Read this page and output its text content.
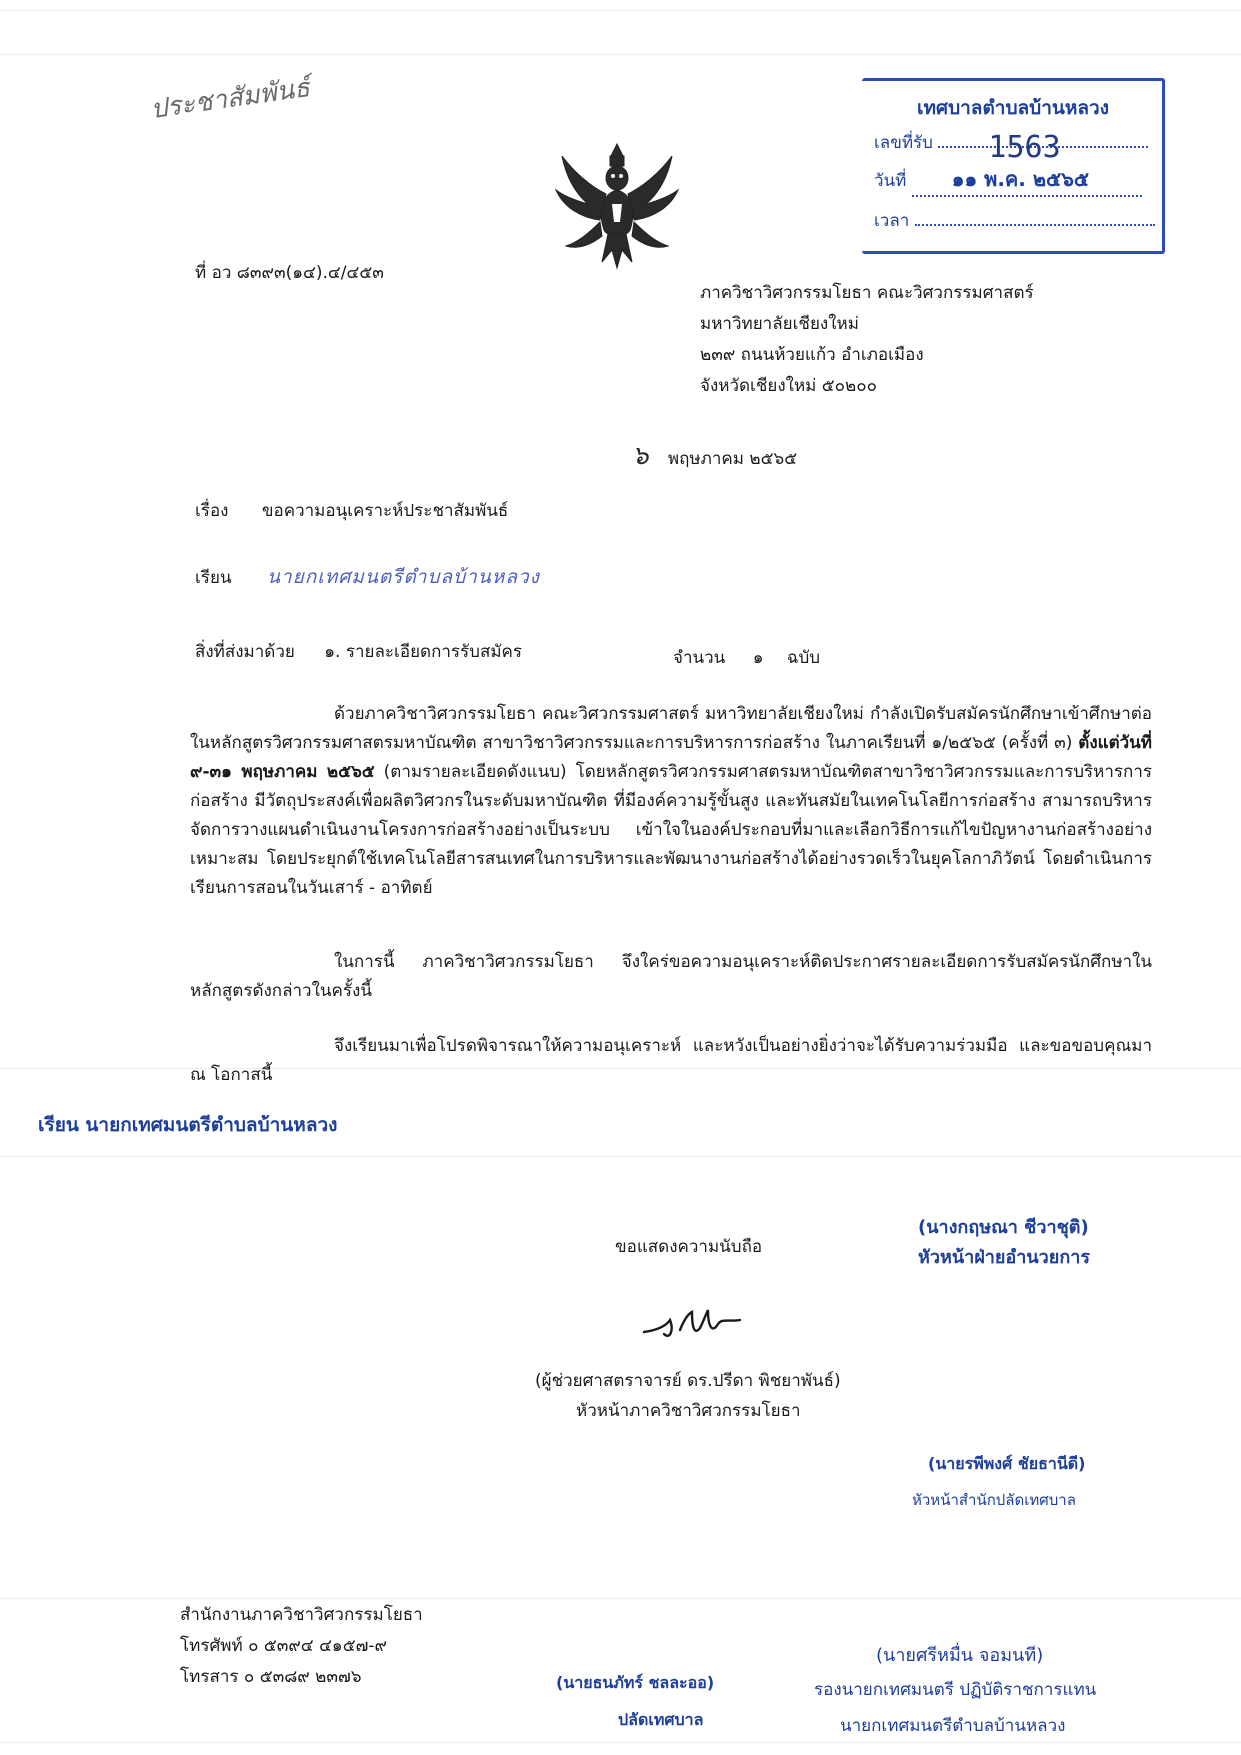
ประชาสัมพันธ์	เทศบาลตำบลบ้านหลวง
เลขที่รับ 1563
วันที่ ๑๑ พ.ค. ๒๕๖๕
เวลา
ที่ อว ๘๓๙๓(๑๔).๔/๔๕๓
ภาควิชาวิศวกรรมโยธา คณะวิศวกรรมศาสตร์
มหาวิทยาลัยเชียงใหม่
๒๓๙ ถนนห้วยแก้ว อำเภอเมือง
จังหวัดเชียงใหม่ ๕๐๒๐๐
๖ พฤษภาคม ๒๕๖๕
เรื่อง ขอความอนุเคราะห์ประชาสัมพันธ์
เรียน นายกเทศมนตรีตำบลบ้านหลวง
สิ่งที่ส่งมาด้วย ๑. รายละเอียดการรับสมัคร	จำนวน ๑ ฉบับ
ด้วยภาควิชาวิศวกรรมโยธา คณะวิศวกรรมศาสตร์ มหาวิทยาลัยเชียงใหม่ กำลังเปิดรับสมัครนักศึกษาเข้าศึกษาต่อในหลักสูตรวิศวกรรมศาสตรมหาบัณฑิต สาขาวิชาวิศวกรรมและการบริหารการก่อสร้าง ในภาคเรียนที่ ๑/๒๕๖๕ (ครั้งที่ ๓) ตั้งแต่วันที่ ๙-๓๑ พฤษภาคม ๒๕๖๕ (ตามรายละเอียดดังแนบ) โดยหลักสูตรวิศวกรรมศาสตรมหาบัณฑิตสาขาวิชาวิศวกรรมและการบริหารการก่อสร้าง มีวัตถุประสงค์เพื่อผลิตวิศวกรในระดับมหาบัณฑิต ที่มีองค์ความรู้ขั้นสูง และทันสมัยในเทคโนโลยีการก่อสร้าง สามารถบริหารจัดการวางแผนดำเนินงานโครงการก่อสร้างอย่างเป็นระบบ เข้าใจในองค์ประกอบที่มาและเลือกวิธีการแก้ไขปัญหางานก่อสร้างอย่างเหมาะสม โดยประยุกต์ใช้เทคโนโลยีสารสนเทศในการบริหารและพัฒนางานก่อสร้างได้อย่างรวดเร็วในยุคโลกาภิวัตน์ โดยดำเนินการเรียนการสอนในวันเสาร์ - อาทิตย์
ในการนี้ ภาควิชาวิศวกรรมโยธา จึงใคร่ขอความอนุเคราะห์ติดประกาศรายละเอียดการรับสมัครนักศึกษาในหลักสูตรดังกล่าวในครั้งนี้
จึงเรียนมาเพื่อโปรดพิจารณาให้ความอนุเคราะห์ และหวังเป็นอย่างยิ่งว่าจะได้รับความร่วมมือ และขอขอบคุณมา ณ โอกาสนี้
เรียน นายกเทศมนตรีตำบลบ้านหลวง
(นางกฤษณา ชีวาชุติ)
หัวหน้าฝ่ายอำนวยการ
ขอแสดงความนับถือ
(ผู้ช่วยศาสตราจารย์ ดร.ปรีดา พิชยาพันธ์)
หัวหน้าภาควิชาวิศวกรรมโยธา
(นายรพีพงศ์ ชัยธานีดี)
หัวหน้าสำนักปลัดเทศบาล
สำนักงานภาควิชาวิศวกรรมโยธา
โทรศัพท์ ๐ ๕๓๙๔ ๔๑๕๗-๙
โทรสาร ๐ ๕๓๘๙ ๒๓๗๖	(นายธนภัทร์ ชลละออ)
ปลัดเทศบาล
(นายศรีหมื่น จอมนที)
รองนายกเทศมนตรี ปฏิบัติราชการแทน
นายกเทศมนตรีตำบลบ้านหลวง
